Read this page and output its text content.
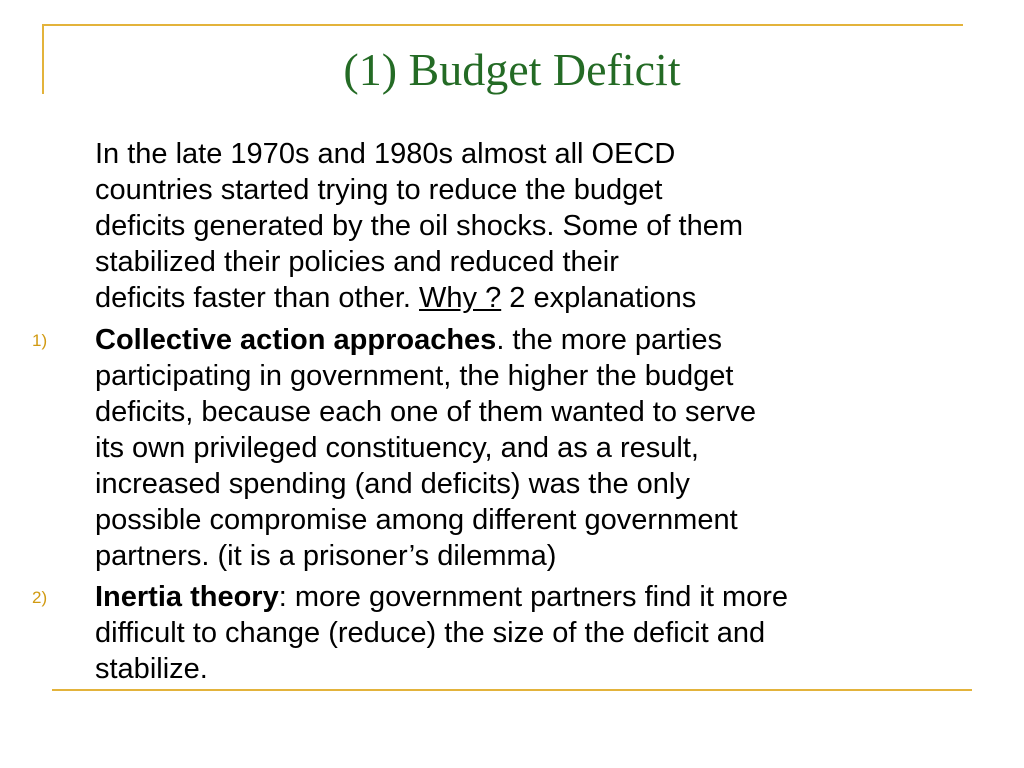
(1) Budget Deficit
In the late 1970s and 1980s almost all OECD
countries started trying to reduce the budget
deficits generated by the oil shocks. Some of them
stabilized their policies and reduced their
deficits faster than other. Why ? 2 explanations
1) Collective action approaches. the more parties
participating in government, the higher the budget
deficits, because each one of them wanted to serve
its own privileged constituency, and as a result,
increased spending (and deficits) was the only
possible compromise among different government
partners. (it is a prisoner’s dilemma)
2) Inertia theory: more government partners find it more
difficult to change (reduce) the size of the deficit and
stabilize.
